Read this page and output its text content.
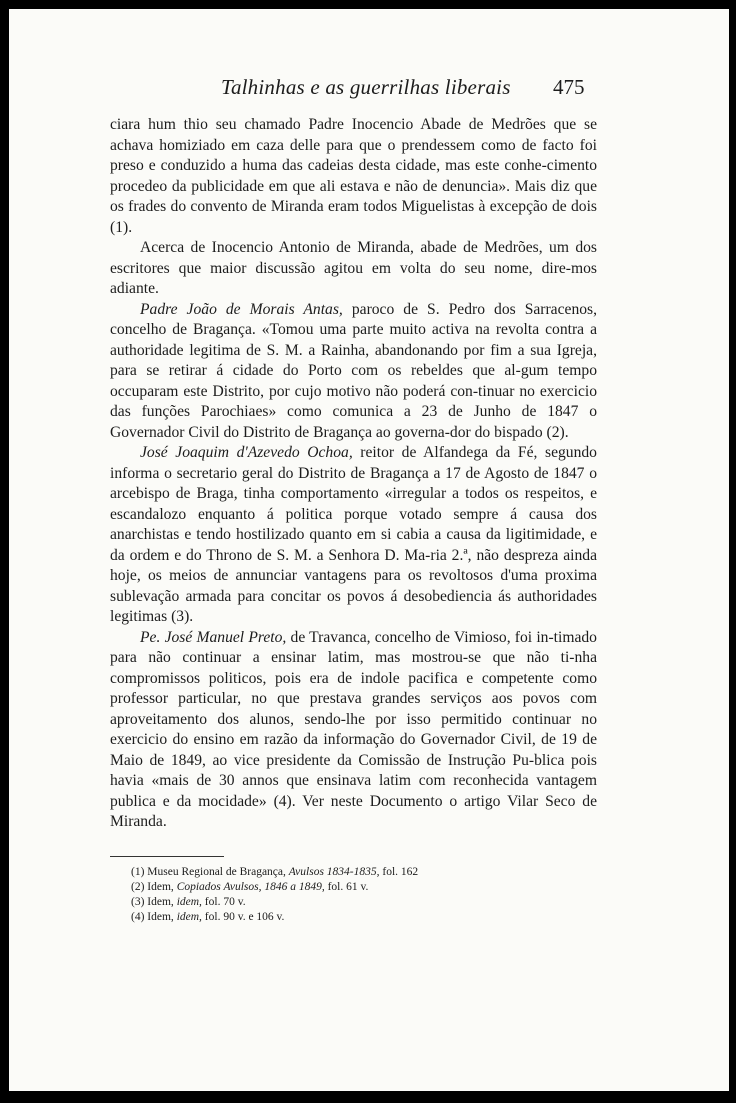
Talhinhas e as guerrilhas liberais 475

ciara hum thio seu chamado Padre Inocencio Abade de Medrões que se achava homiziado em caza delle para que o prendessem como de facto foi preso e conduzido a huma das cadeias desta cidade, mas este conhe-cimento procedeo da publicidade em que ali estava e não de denuncia». Mais diz que os frades do convento de Miranda eram todos Miguelistas à excepção de dois (1).

Acerca de Inocencio Antonio de Miranda, abade de Medrões, um dos escritores que maior discussão agitou em volta do seu nome, dire-mos adiante.

Padre João de Morais Antas, paroco de S. Pedro dos Sarracenos, concelho de Bragança. «Tomou uma parte muito activa na revolta contra a authoridade legitima de S. M. a Rainha, abandonando por fim a sua Igreja, para se retirar á cidade do Porto com os rebeldes que al-gum tempo occuparam este Distrito, por cujo motivo não poderá con-tinuar no exercicio das funções Parochiaes» como comunica a 23 de Junho de 1847 o Governador Civil do Distrito de Bragança ao governa-dor do bispado (2).

José Joaquim d'Azevedo Ochoa, reitor de Alfandega da Fé, segundo informa o secretario geral do Distrito de Bragança a 17 de Agosto de 1847 o arcebispo de Braga, tinha comportamento «irregular a todos os respeitos, e escandalozo enquanto á politica porque votado sempre á causa dos anarchistas e tendo hostilizado quanto em si cabia a causa da ligitimidade, e da ordem e do Throno de S. M. a Senhora D. Ma-ria 2.ª, não despreza ainda hoje, os meios de annunciar vantagens para os revoltosos d'uma proxima sublevação armada para concitar os povos á desobediencia ás authoridades legitimas (3).

Pe. José Manuel Preto, de Travanca, concelho de Vimioso, foi in-timado para não continuar a ensinar latim, mas mostrou-se que não ti-nha compromissos politicos, pois era de indole pacifica e competente como professor particular, no que prestava grandes serviços aos povos com aproveitamento dos alunos, sendo-lhe por isso permitido continuar no exercicio do ensino em razão da informação do Governador Civil, de 19 de Maio de 1849, ao vice presidente da Comissão de Instrução Pu-blica pois havia «mais de 30 annos que ensinava latim com reconhecida vantagem publica e da mocidade» (4). Ver neste Documento o artigo Vilar Seco de Miranda.

(1) Museu Regional de Bragança, Avulsos 1834-1835, fol. 162
(2) Idem, Copiados Avulsos, 1846 a 1849, fol. 61 v.
(3) Idem, idem, fol. 70 v.
(4) Idem, idem, fol. 90 v. e 106 v.
